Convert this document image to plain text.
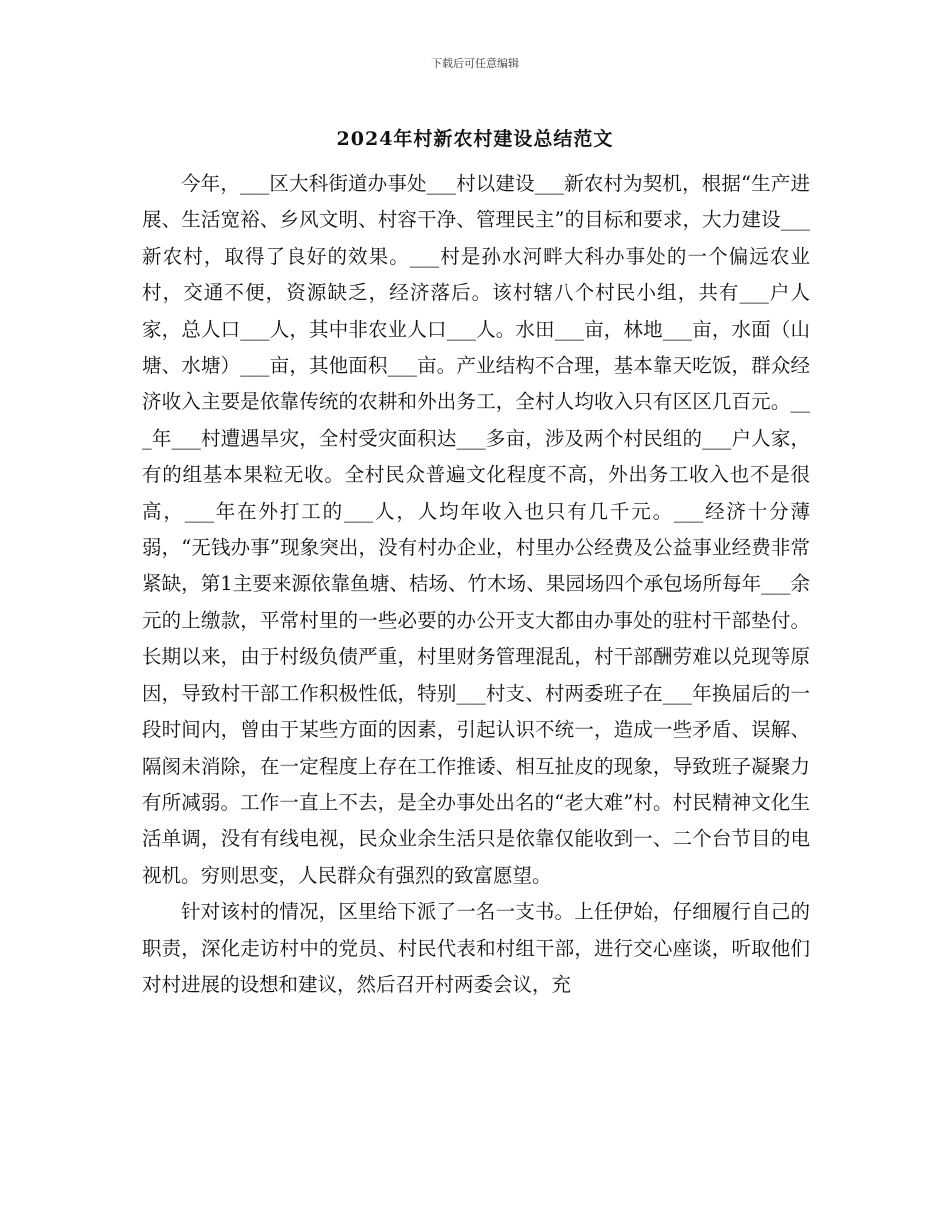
下载后可任意编辑
2024年村新农村建设总结范文

今年，___区大科街道办事处___村以建设___新农村为契机，根据“生产进展、生活宽裕、乡风文明、村容干净、管理民主”的目标和要求，大力建设___新农村，取得了良好的效果。___村是孙水河畔大科办事处的一个偏远农业村，交通不便，资源缺乏，经济落后。该村辖八个村民小组，共有___户人家，总人口___人，其中非农业人口___人。水田___亩，林地___亩，水面（山塘、水塘）___亩，其他面积___亩。产业结构不合理，基本靠天吃饭，群众经济收入主要是依靠传统的农耕和外出务工，全村人均收入只有区区几百元。___年___村遭遇旱灾，全村受灾面积达___多亩，涉及两个村民组的___户人家，有的组基本果粒无收。全村民众普遍文化程度不高，外出务工收入也不是很高，___年在外打工的___人，人均年收入也只有几千元。___经济十分薄弱，“无钱办事”现象突出，没有村办企业，村里办公经费及公益事业经费非常紧缺，第1主要来源依靠鱼塘、桔场、竹木场、果园场四个承包场所每年___余元的上缴款，平常村里的一些必要的办公开支大都由办事处的驻村干部垫付。长期以来，由于村级负债严重，村里财务管理混乱，村干部酬劳难以兑现等原因，导致村干部工作积极性低，特别___村支、村两委班子在___年换届后的一段时间内，曾由于某些方面的因素，引起认识不统一，造成一些矛盾、误解、隔阂未消除，在一定程度上存在工作推诿、相互扯皮的现象，导致班子凝聚力有所减弱。工作一直上不去，是全办事处出名的“老大难”村。村民精神文化生活单调，没有有线电视，民众业余生活只是依靠仅能收到一、二个台节目的电视机。穷则思变，人民群众有强烈的致富愿望。

针对该村的情况，区里给下派了一名一支书。上任伊始，仔细履行自己的职责，深化走访村中的党员、村民代表和村组干部，进行交心座谈，听取他们对村进展的设想和建议，然后召开村两委会议，充
